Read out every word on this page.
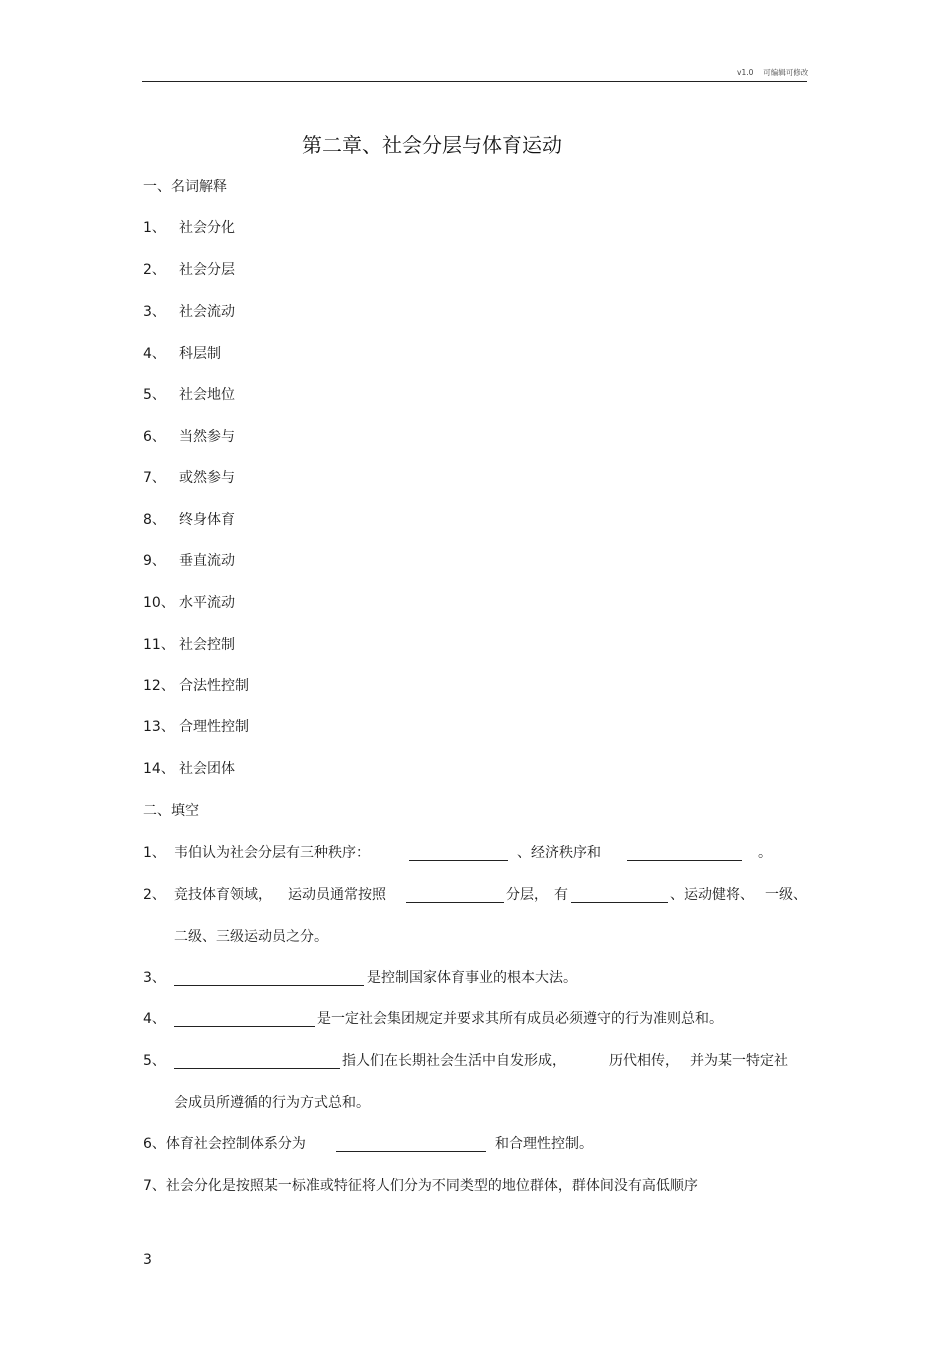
v1.0 　可编辑可修改
第二章、社会分层与体育运动
一、名词解释
1、 社会分化
2、 社会分层
3、 社会流动
4、 科层制
5、 社会地位
6、 当然参与
7、 或然参与
8、 终身体育
9、 垂直流动
10、 水平流动
11、 社会控制
12、 合法性控制
13、 合理性控制
14、 社会团体
二、填空
1、 韦伯认为社会分层有三种秩序：	、经济秩序和	。
2、 竞技体育领域， 运动员通常按照	分层， 有	、运动健将、 一级、
二级、三级运动员之分。
3、	是控制国家体育事业的根本大法。
4、	是一定社会集团规定并要求其所有成员必须遵守的行为准则总和。
5、	指人们在长期社会生活中自发形成，	历代相传， 并为某一特定社
会成员所遵循的行为方式总和。
6、体育社会控制体系分为	和合理性控制。
7、社会分化是按照某一标准或特征将人们分为不同类型的地位群体，群体间没有高低顺序
3
